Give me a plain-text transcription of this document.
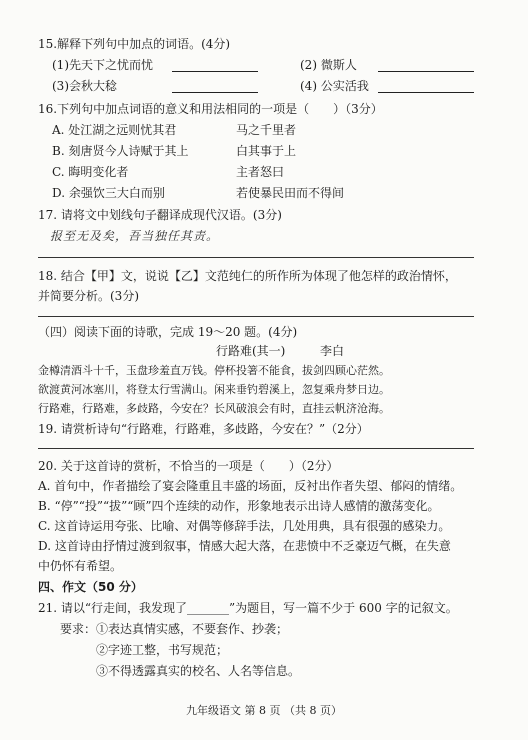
15.解释下列句中加点的词语。(4分)
(1)先天下之忧而忧	(2) 微斯人
(3)会秋大稔	(4) 公实活我
16.下列句中加点词语的意义和用法相同的一项是（　　）（3分）
A. 处江湖之远则忧其君	马之千里者
B. 刻唐贤今人诗赋于其上	白其事于上
C. 晦明变化者	主者怒曰
D. 余强饮三大白而别	若使暴民田而不得间
17. 请将文中划线句子翻译成现代汉语。(3分)
报至无及矣，吾当独任其责。
18. 结合【甲】文，说说【乙】文范纯仁的所作所为体现了他怎样的政治情怀，
并简要分析。(3分)
（四）阅读下面的诗歌，完成 19～20 题。(4分)
行路难(其一)	李白
金樽清酒斗十千，玉盘珍羞直万钱。停杯投箸不能食，拔剑四顾心茫然。
欲渡黄河冰塞川，将登太行雪满山。闲来垂钓碧溪上，忽复乘舟梦日边。
行路难，行路难，多歧路，今安在？长风破浪会有时，直挂云帆济沧海。
19. 请赏析诗句“行路难，行路难，多歧路，今安在？”（2分）
20. 关于这首诗的赏析，不恰当的一项是（　　）（2分）
A. 首句中，作者描绘了宴会隆重且丰盛的场面，反衬出作者失望、郁闷的情绪。
B. “停”“投”“拔”“顾”四个连续的动作，形象地表示出诗人感情的激荡变化。
C. 这首诗运用夸张、比喻、对偶等修辞手法，几处用典，具有很强的感染力。
D. 这首诗由抒情过渡到叙事，情感大起大落，在悲愤中不乏豪迈气概，在失意
中仍怀有希望。
四、作文（50 分）
21. 请以“行走间，我发现了_______”为题目，写一篇不少于 600 字的记叙文。
要求： ①表达真情实感，不要套作、抄袭；
②字迹工整，书写规范；
③不得透露真实的校名、人名等信息。
九年级语文 第 8 页 （共 8 页）
